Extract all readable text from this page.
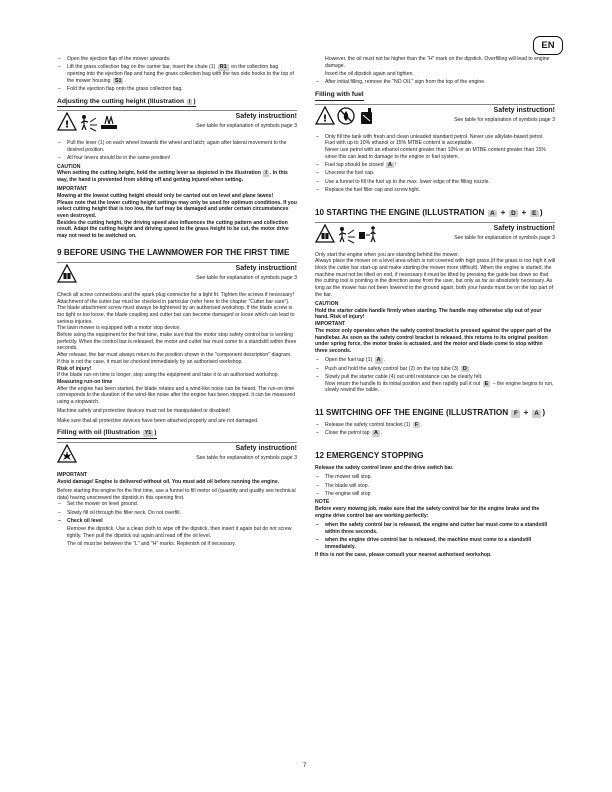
EN
– Open the ejection flap of the mower upwards.
– Lift the grass collection bag on the carrier bar, insert the chute (1) R1 on the collection bag opening into the ejection flap and hang the grass collection bag with the two side hooks to the top of the mower housing S1 .
– Fold the ejection flap onto the grass collection bag.
Adjusting the cutting height (Illustration I )
!
Safety instruction!
See table for explanation of symbols page 3
– Pull the lever (1) on each wheel towards the wheel and latch; again after lateral movement to the desired position.
– All four levers should be in the same position!
CAUTION
When setting the cutting height, hold the setting lever as depicted in the illustration I . In this way, the hand is prevented from sliding off and getting injured when setting.
IMPORTANT
Mowing at the lowest cutting height should only be carried out on level and plane lawns!
Please note that the lower cutting height settings may only be used for optimum conditions. If you select cutting height that is too low, the turf may be damaged and under certain circumstances even destroyed.
Besides the cutting height, the driving speed also influences the cutting pattern and collection result. Adapt the cutting height and driving speed to the grass height to be cut, the motor drive may not need to be switched on.
9 BEFORE USING THE LAWNMOWER FOR THE FIRST TIME
Safety instruction!
See table for explanation of symbols page 3
Check all screw connections and the spark plug connector for a tight fit. Tighten the screws if necessary! Attachment of the cutter bar must be checked in particular (refer here to the chapter "Cutter bar care").
The blade attachment screw must always be tightened by an authorised workshop. If the blade screw is too tight or too loose, the blade coupling and cutter bar can become damaged or loose which can lead to serious injuries.
The lawn mower is equipped with a motor stop device.
Before using the equipment for the first time, make sure that the motor stop safety control bar is working perfectly. When the control bar is released, the motor and cutter bar must come to a standstill within three seconds.
After release, the bar must always return to the position shown in the "component description" diagram.
If this is not the case, it must be checked immediately by an authorised workshop.
Risk of injury!
If the blade run-on time is longer, stop using the equipment and take it to an authorised workshop.
Measuring run-on time
After the engine has been started, the blade rotates and a wind-like noise can be heard. The run-on time corresponds to the duration of the wind-like noise after the engine has been stopped. it can be measured using a stopwatch.
Machine safety and protective devices must not be manipulated or disabled!
Make sure that all protective devices have been attached properly and are not damaged.
Filling with oil (Illustration Y1 )
Safety instruction!
See table for explanation of symbols page 3
IMPORTANT
Avoid damage! Engine is delivered without oil. You must add oil before running the engine.
Before starting the engine for the first time, use a funnel to fill motor oil (quantity and quality see technical data) having unscrewed the dipstick in this opening first.
– Set the mower on level ground.
– Slowly fill oil through the filler neck. Do not overfill.
– Check oil level
Remove the dipstick. Use a clean cloth to wipe off the dipstick, then insert it again but do not screw tightly. Then pull the dipstick out again and read off the oil level.
The oil must be between the "L" and "H" marks. Replenish oil if necessary.
However, the oil must not be higher than the "H" mark on the dipstick. Overfilling will lead to engine damage.
Insert the oil dipstick again and tighten.
– After initial filling, remove the "NO OIL" sign from the top of the engine.
Filling with fuel
!
Safety instruction!
See table for explanation of symbols page 3
– Only fill the tank with fresh and clean unleaded standard petrol. Never use alkylate-based petrol.
Fuel with up to 10% ethanol or 15% MTBE content is acceptable.
Never use petrol with an ethanol content greater than 10% or an MTBE content greater than 15% since this can lead to damage to the engine or fuel system.
– Fuel tap should be closed A !
– Unscrew the fuel cap.
– Use a funnel to fill the fuel up to the max. lower edge of the filling nozzle.
– Replace the fuel filler cap and screw tight.
10 STARTING THE ENGINE (ILLUSTRATION A + D + E )
Safety instruction!
See table for explanation of symbols page 3
Only start the engine when you are standing behind the mower.
Always place the mower on a level area which is not covered with high grass (if the grass is too high it will block the cutter bar start-up and make starting the mower more difficult). When the engine is started, the machine must not be tilted on end, if necessary it must be tilted by pressing the guide bar down so that the cutting tool is pointing in the direction away from the user, but only as far as absolutely necessary. As long as the mower has not been lowered to the ground again, both your hands must be on the top part of the bar.
CAUTION
Hold the starter cable handle firmly when starting. The handle may otherwise slip out of your hand. Risk of injury!
IMPORTANT
The motor only operates when the safety control bracket is pressed against the upper part of the handlebar. As soon as the safety control bracket is released, this returns to its original position under spring force, the motor brake is actuated, and the motor and blade come to stop within three seconds.
– Open the fuel tap (1) A .
– Push and hold the safety control bar (2) on the top tube (3) D .
– Slowly pull the starter cable (4) out until resistance can be clearly felt.
Now return the handle to its initial position and then rapidly pull it out E – the engine begins to run, slowly rewind the cable.
11 SWITCHING OFF THE ENGINE (ILLUSTRATION F + A )
– Release the safety control bracket (1) F .
– Close the petrol tap A .
12 EMERGENCY STOPPING
Release the safety control lever and the drive switch bar.
– The mower will stop.
– The blade will stop.
– The engine will stop
NOTE
Before every mowing job, make sure that the safety control bar for the engine brake and the engine drive control bar are working perfectly:
– when the safety control bar is released, the engine and cutter bar must come to a standstill within three seconds.
– when the engine drive control bar is released, the machine must come to a standstill immediately.
If this is not the case, please consult your nearest authorised workshop.
7
